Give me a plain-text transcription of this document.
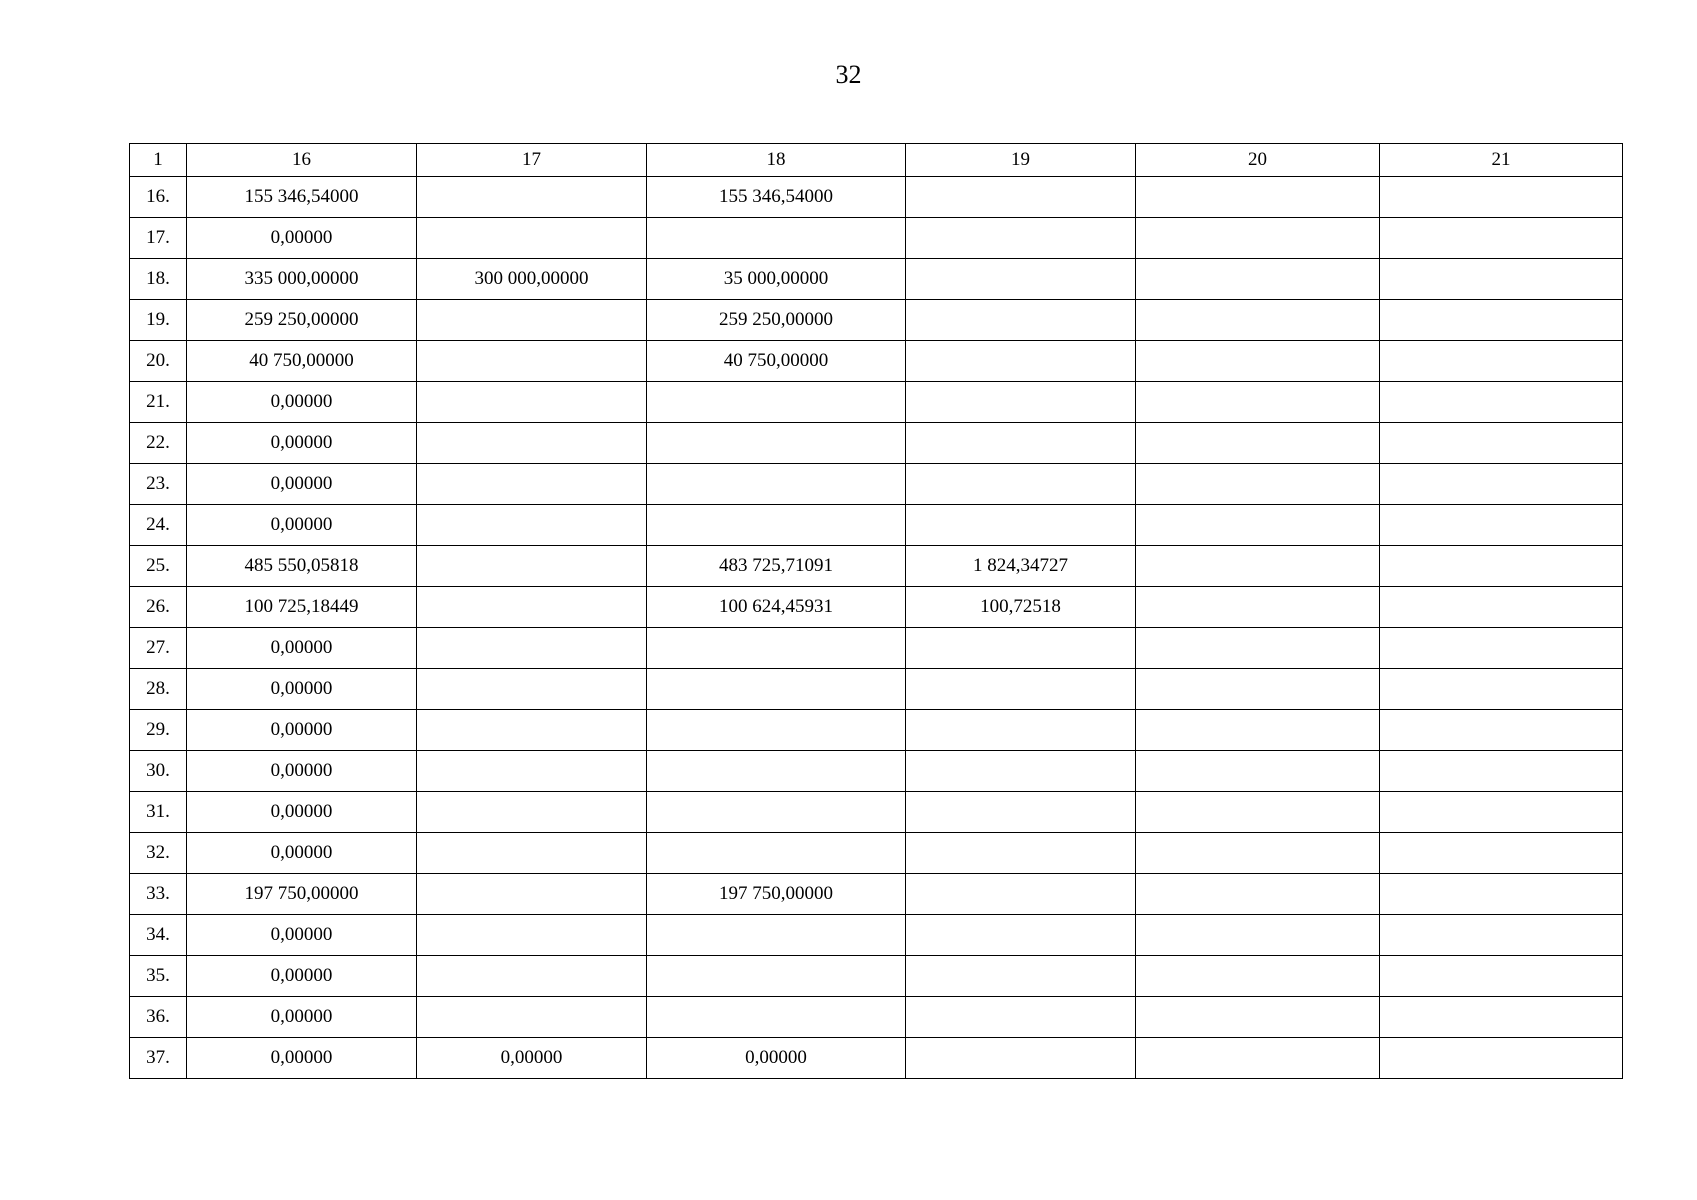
32
1	16	17	18	19	20	21
16.	155 346,54000		155 346,54000			
17.	0,00000					
18.	335 000,00000	300 000,00000	35 000,00000			
19.	259 250,00000		259 250,00000			
20.	40 750,00000		40 750,00000			
21.	0,00000					
22.	0,00000					
23.	0,00000					
24.	0,00000					
25.	485 550,05818		483 725,71091	1 824,34727		
26.	100 725,18449		100 624,45931	100,72518		
27.	0,00000					
28.	0,00000					
29.	0,00000					
30.	0,00000					
31.	0,00000					
32.	0,00000					
33.	197 750,00000		197 750,00000			
34.	0,00000					
35.	0,00000					
36.	0,00000					
37.	0,00000	0,00000	0,00000			
